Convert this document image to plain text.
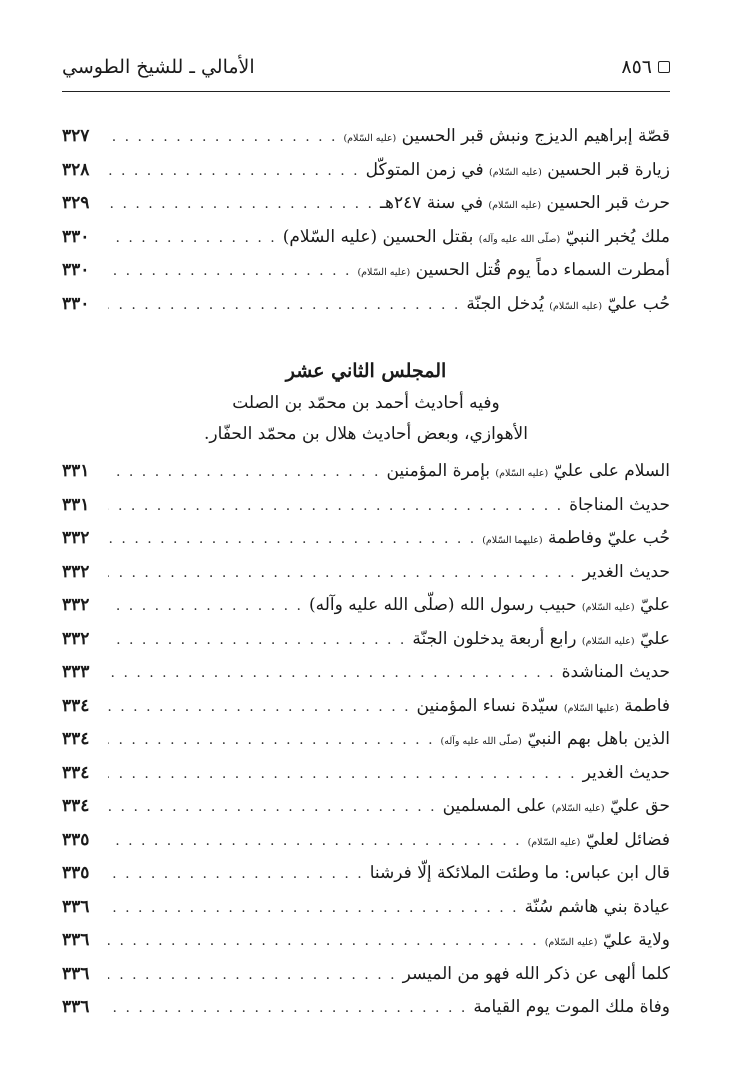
٨٥٦
الأمالي ـ للشيخ الطوسي
قصّة إبراهيم الديزج ونبش قبر الحسين (عليه السّلام)
. . .
٣٢٧
زيارة قبر الحسين (عليه السّلام) في زمن المتوكّل
. . .
٣٢٨
حرث قبر الحسين (عليه السّلام) في سنة ٢٤٧هـ
. . .
٣٢٩
ملك يُخبر النبيّ (صلّى الله عليه وآله) بقتل الحسين (عليه السّلام)
. . .
٣٣٠
أمطرت السماء دماً يوم قُتل الحسين (عليه السّلام)
. . .
٣٣٠
حُب عليّ (عليه السّلام) يُدخل الجنّة
. . .
٣٣٠
المجلس الثاني عشر
وفيه أحاديث أحمد بن محمّد بن الصلت
الأهوازي، وبعض أحاديث هلال بن محمّد الحفّار.
السلام على عليّ (عليه السّلام) بإمرة المؤمنين
. . .
٣٣١
حديث المناجاة
. . .
٣٣١
حُب عليّ وفاطمة (عليهما السّلام)
. . .
٣٣٢
حديث الغدير
. . .
٣٣٢
عليّ (عليه السّلام) حبيب رسول الله (صلّى الله عليه وآله)
. . .
٣٣٢
عليّ (عليه السّلام) رابع أربعة يدخلون الجنّة
. . .
٣٣٢
حديث المناشدة
. . .
٣٣٣
فاطمة (عليها السّلام) سيّدة نساء المؤمنين
. . .
٣٣٤
الذين باهل بهم النبيّ (صلّى الله عليه وآله)
. . .
٣٣٤
حديث الغدير
. . .
٣٣٤
حق عليّ (عليه السّلام) على المسلمين
. . .
٣٣٤
فضائل لعليّ (عليه السّلام)
. . .
٣٣٥
قال ابن عباس: ما وطئت الملائكة إلّا فرشنا
. . .
٣٣٥
عيادة بني هاشم سُنّة
. . .
٣٣٦
ولاية عليّ (عليه السّلام)
. . .
٣٣٦
كلما ألهى عن ذكر الله فهو من الميسر
. . .
٣٣٦
وفاة ملك الموت يوم القيامة
. . .
٣٣٦
